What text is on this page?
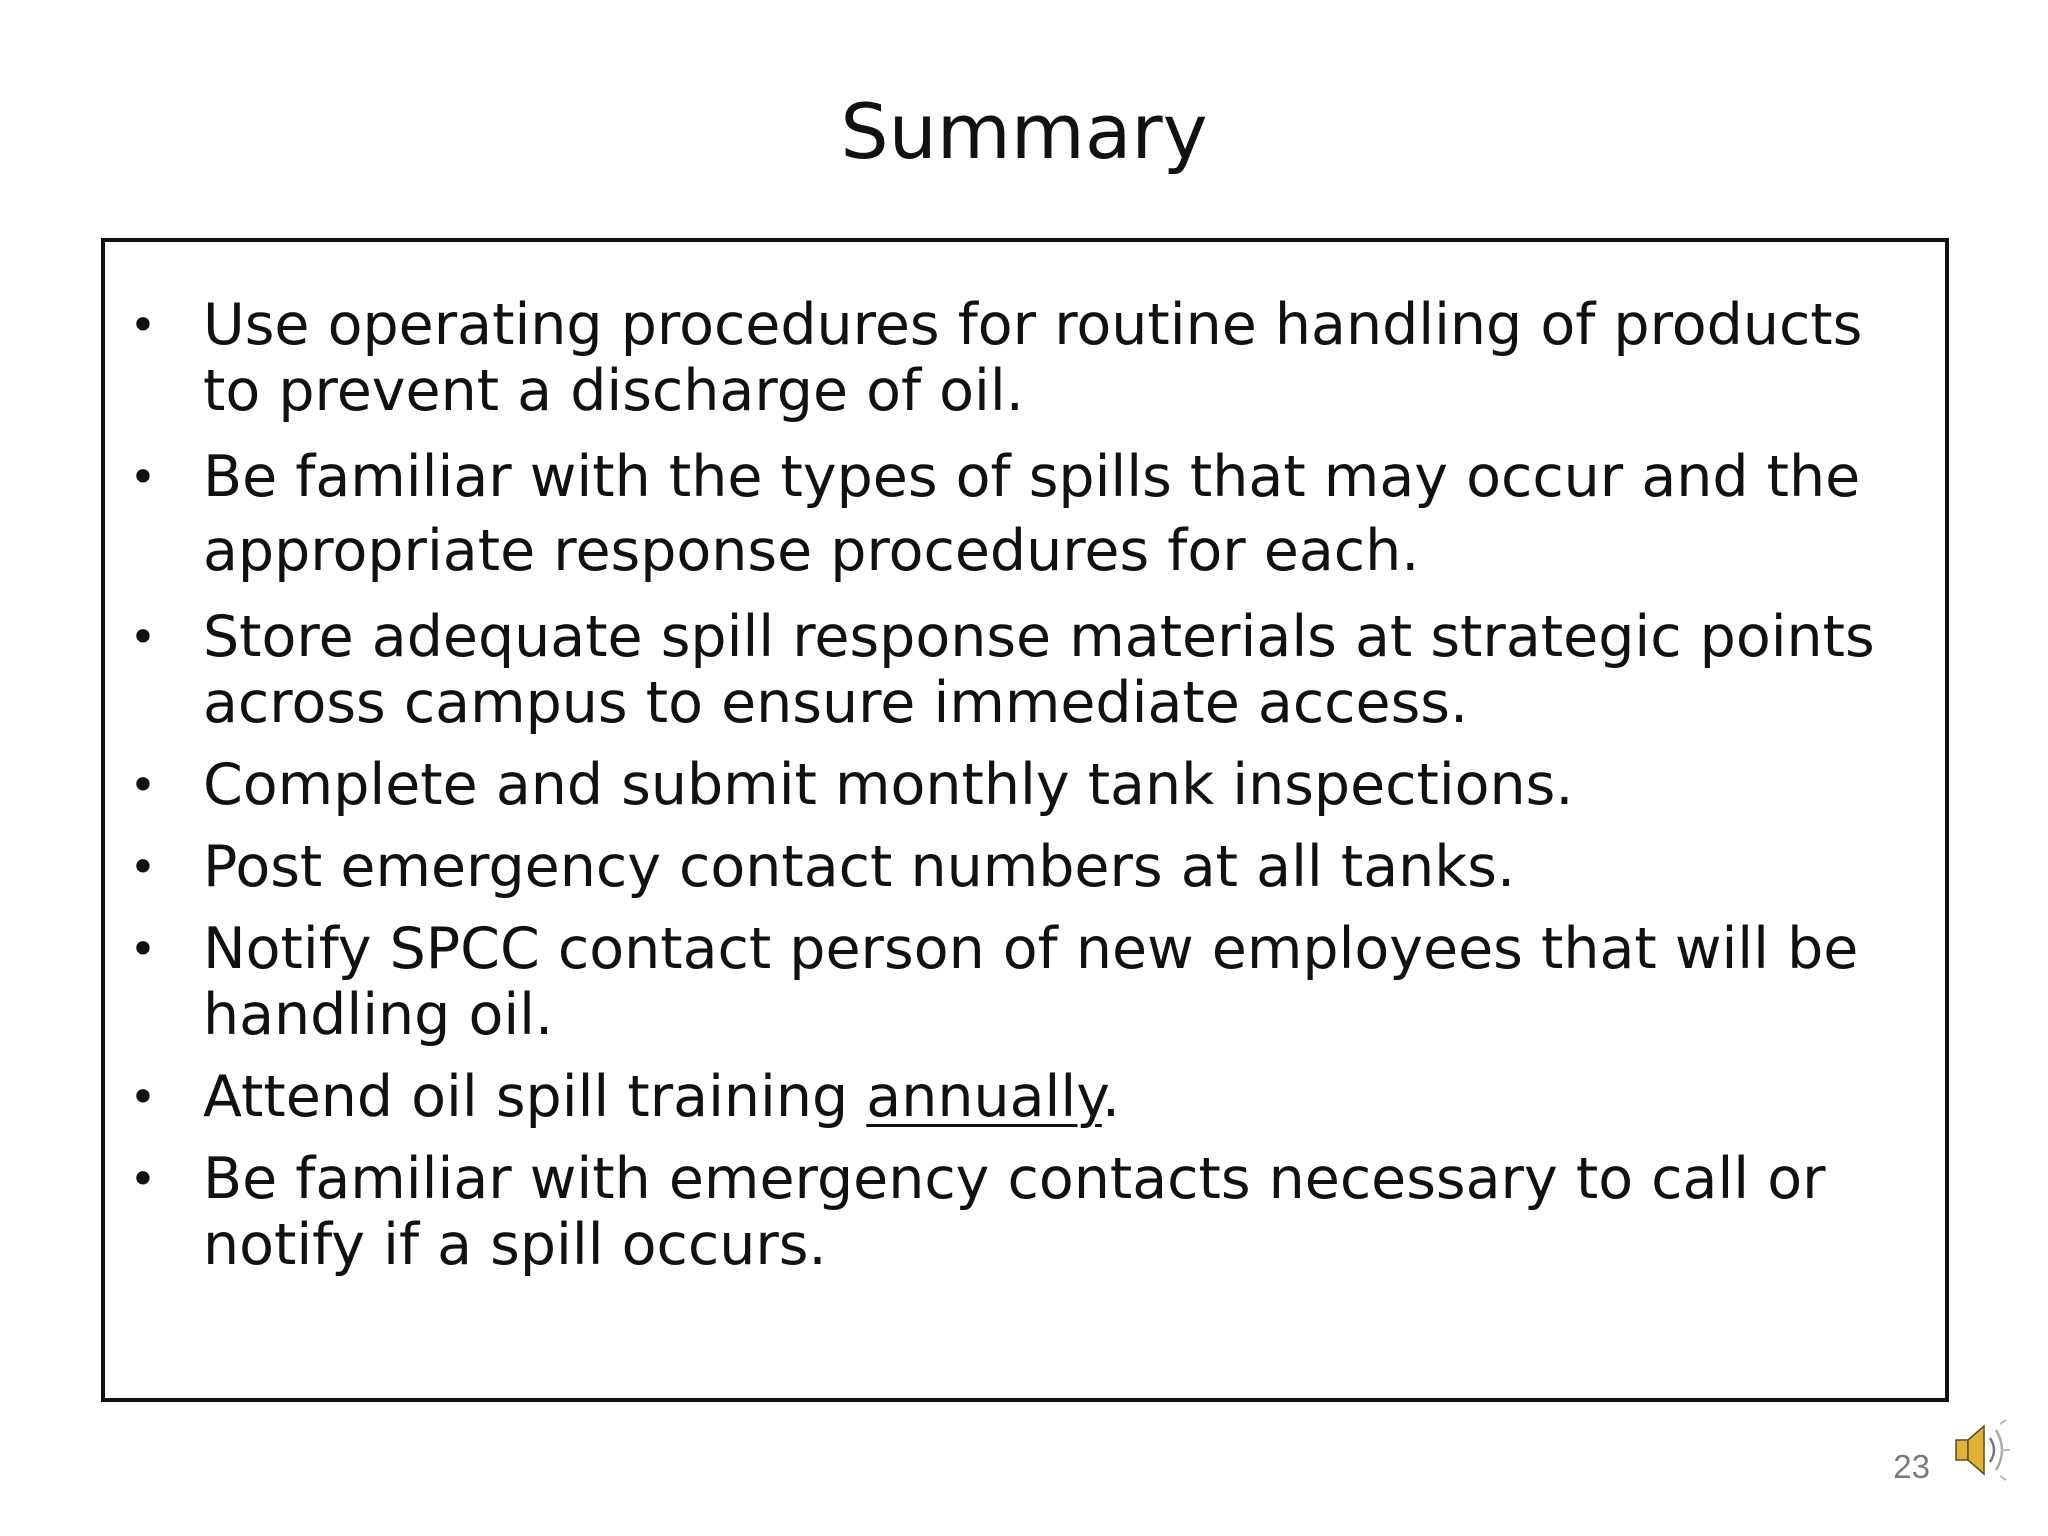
Summary
• Use operating procedures for routine handling of products to prevent a discharge of oil.
• Be familiar with the types of spills that may occur and the appropriate response procedures for each.
• Store adequate spill response materials at strategic points across campus to ensure immediate access.
• Complete and submit monthly tank inspections.
• Post emergency contact numbers at all tanks.
• Notify SPCC contact person of new employees that will be handling oil.
• Attend oil spill training annually.
• Be familiar with emergency contacts necessary to call or notify if a spill occurs.
23
